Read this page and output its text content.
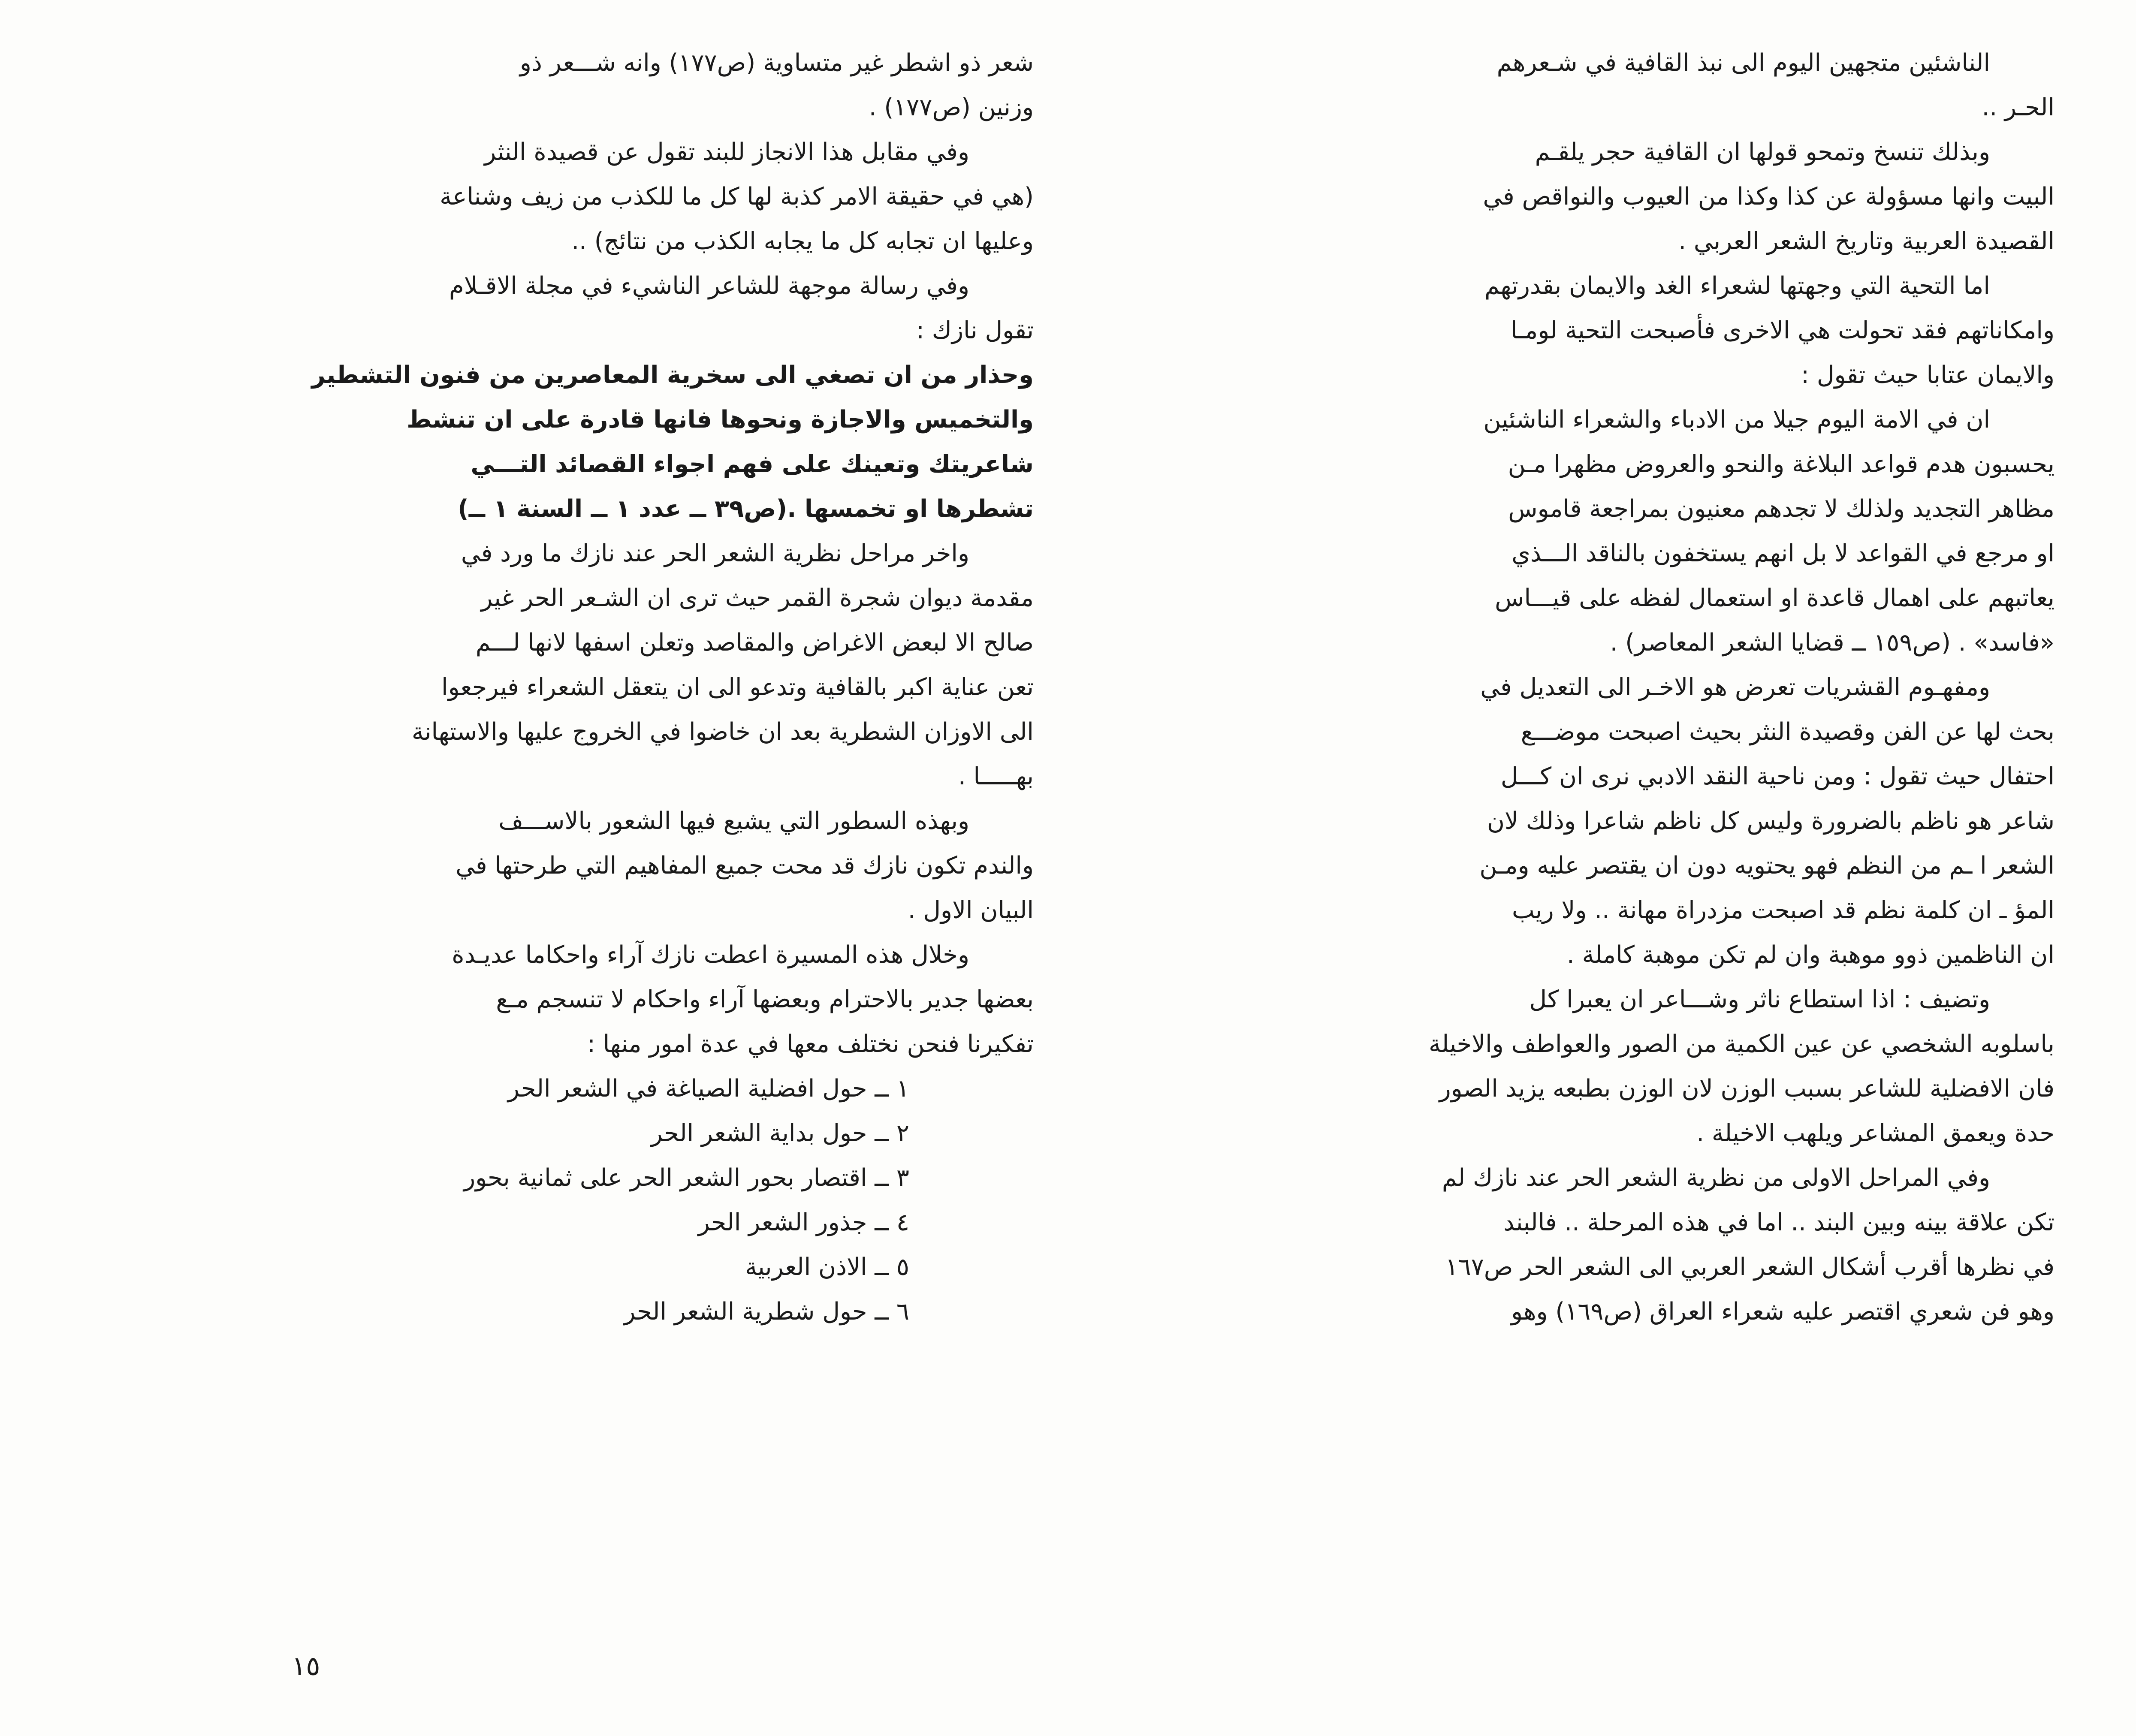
الناشئين متجهين اليوم الى نبذ القافية في شـعرهم
الحـر ..

وبذلك تنسخ وتمحو قولها ان القافية حجر يلقـم
البيت وانها مسؤولة عن كذا وكذا من العيوب والنواقص في
القصيدة العربية وتاريخ الشعر العربي .

اما التحية التي وجهتها لشعراء الغد والايمان بقدرتهم
وامكاناتهم فقد تحولت هي الاخرى فأصبحت التحية لومـا
والايمان عتابا حيث تقول :

ان في الامة اليوم جيلا من الادباء والشعراء الناشئين
يحسبون هدم قواعد البلاغة والنحو والعروض مظهرا مـن
مظاهر التجديد ولذلك لا تجدهم معنيون بمراجعة قاموس
او مرجع في القواعد لا بل انهم يستخفون بالناقد الـــذي
يعاتبهم على اهمال قاعدة او استعمال لفظه على قيـــاس
«فاسد» . (ص١٥٩ ــ قضايا الشعر المعاصر) .

ومفهـوم القشريات تعرض هو الاخـر الى التعديل في
بحث لها عن الفن وقصيدة النثر بحيث اصبحت موضـــع
احتفال حيث تقول : ومن ناحية النقد الادبي نرى ان كـــل
شاعر هو ناظم بالضرورة وليس كل ناظم شاعرا وذلك لان
الشعر ا ـم من النظم فهو يحتويه دون ان يقتصر عليه ومـن
المؤ ـ ان كلمة نظم قد اصبحت مزدراة مهانة .. ولا ريب
ان الناظمين ذوو موهبة وان لم تكن موهبة كاملة .

وتضيف : اذا استطاع ناثر وشـــاعر ان يعبرا كل
باسلوبه الشخصي عن عين الكمية من الصور والعواطف والاخيلة
فان الافضلية للشاعر بسبب الوزن لان الوزن بطبعه يزيد الصور
حدة ويعمق المشاعر ويلهب الاخيلة .

وفي المراحل الاولى من نظرية الشعر الحر عند نازك لم
تكن علاقة بينه وبين البند .. اما في هذه المرحلة .. فالبند
في نظرها أقرب أشكال الشعر العربي الى الشعر الحر ص١٦٧
وهو فن شعري اقتصر عليه شعراء العراق (ص١٦٩) وهو

شعر ذو اشطر غير متساوية (ص١٧٧) وانه شـــعر ذو
وزنين (ص١٧٧) .

وفي مقابل هذا الانجاز للبند تقول عن قصيدة النثر
(هي في حقيقة الامر كذبة لها كل ما للكذب من زيف وشناعة
وعليها ان تجابه كل ما يجابه الكذب من نتائج) ..

وفي رسالة موجهة للشاعر الناشيء في مجلة الاقـلام
تقول نازك :

وحذار من ان تصغي الى سخرية المعاصرين من فنون التشطير
والتخميس والاجازة ونحوها فانها قادرة على ان تنشط
شاعريتك وتعينك على فهم اجواء القصائد التـــي
تشطرها او تخمسها .(ص٣٩ ــ عدد ١ ــ السنة ١ ــ)

واخر مراحل نظرية الشعر الحر عند نازك ما ورد في
مقدمة ديوان شجرة القمر حيث ترى ان الشـعر الحر غير
صالح الا لبعض الاغراض والمقاصد وتعلن اسفها لانها لـــم
تعن عناية اكبر بالقافية وتدعو الى ان يتعقل الشعراء فيرجعوا
الى الاوزان الشطرية بعد ان خاضوا في الخروج عليها والاستهانة
بهـــــا .

وبهذه السطور التي يشيع فيها الشعور بالاســـف
والندم تكون نازك قد محت جميع المفاهيم التي طرحتها في
البيان الاول .

وخلال هذه المسيرة اعطت نازك آراء واحكاما عديـدة
بعضها جدير بالاحترام وبعضها آراء واحكام لا تنسجم مـع
تفكيرنا فنحن نختلف معها في عدة امور منها :

١ ــ حول افضلية الصياغة في الشعر الحر
٢ ــ حول بداية الشعر الحر
٣ ــ اقتصار بحور الشعر الحر على ثمانية بحور
٤ ــ جذور الشعر الحر
٥ ــ الاذن العربية
٦ ــ حول شطرية الشعر الحر
١٥
